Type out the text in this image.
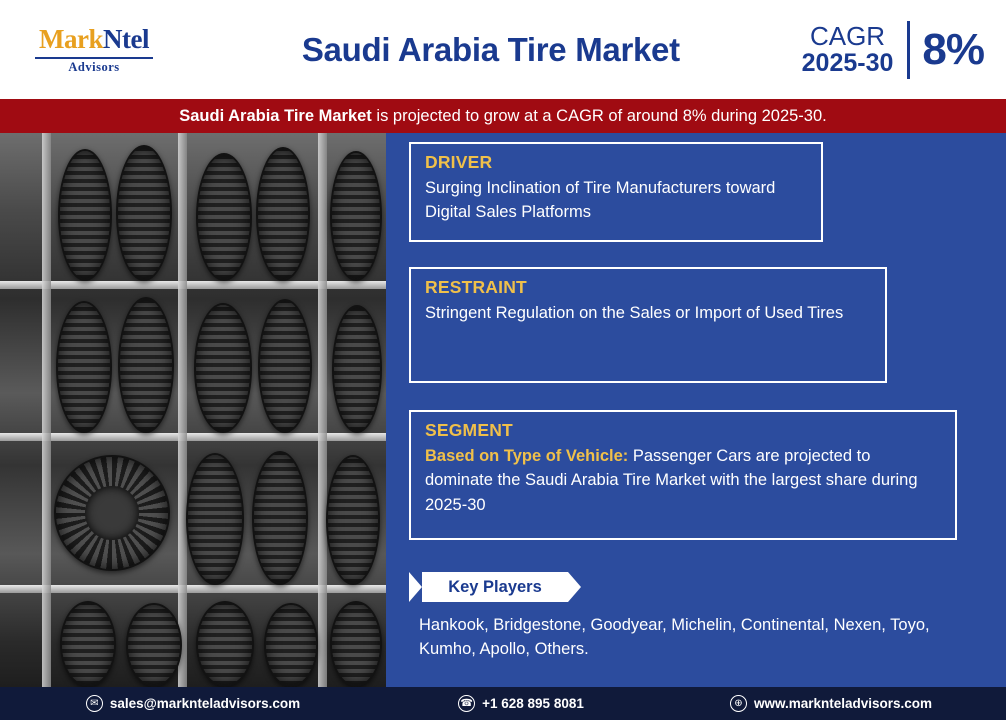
MarkNtel
Advisors	Saudi Arabia Tire Market	CAGR
2025-30 8%
Saudi Arabia Tire Market is projected to grow at a CAGR of around 8% during 2025-30.
DRIVER
Surging Inclination of Tire Manufacturers toward Digital Sales Platforms
RESTRAINT
Stringent Regulation on the Sales or Import of Used Tires
SEGMENT
Based on Type of Vehicle: Passenger Cars are projected to dominate the Saudi Arabia Tire Market with the largest share during 2025-30
Key Players
Hankook, Bridgestone, Goodyear, Michelin, Continental, Nexen, Toyo, Kumho, Apollo, Others.
✉ sales@marknteladvisors.com	☎ +1 628 895 8081	⊕ www.marknteladvisors.com
